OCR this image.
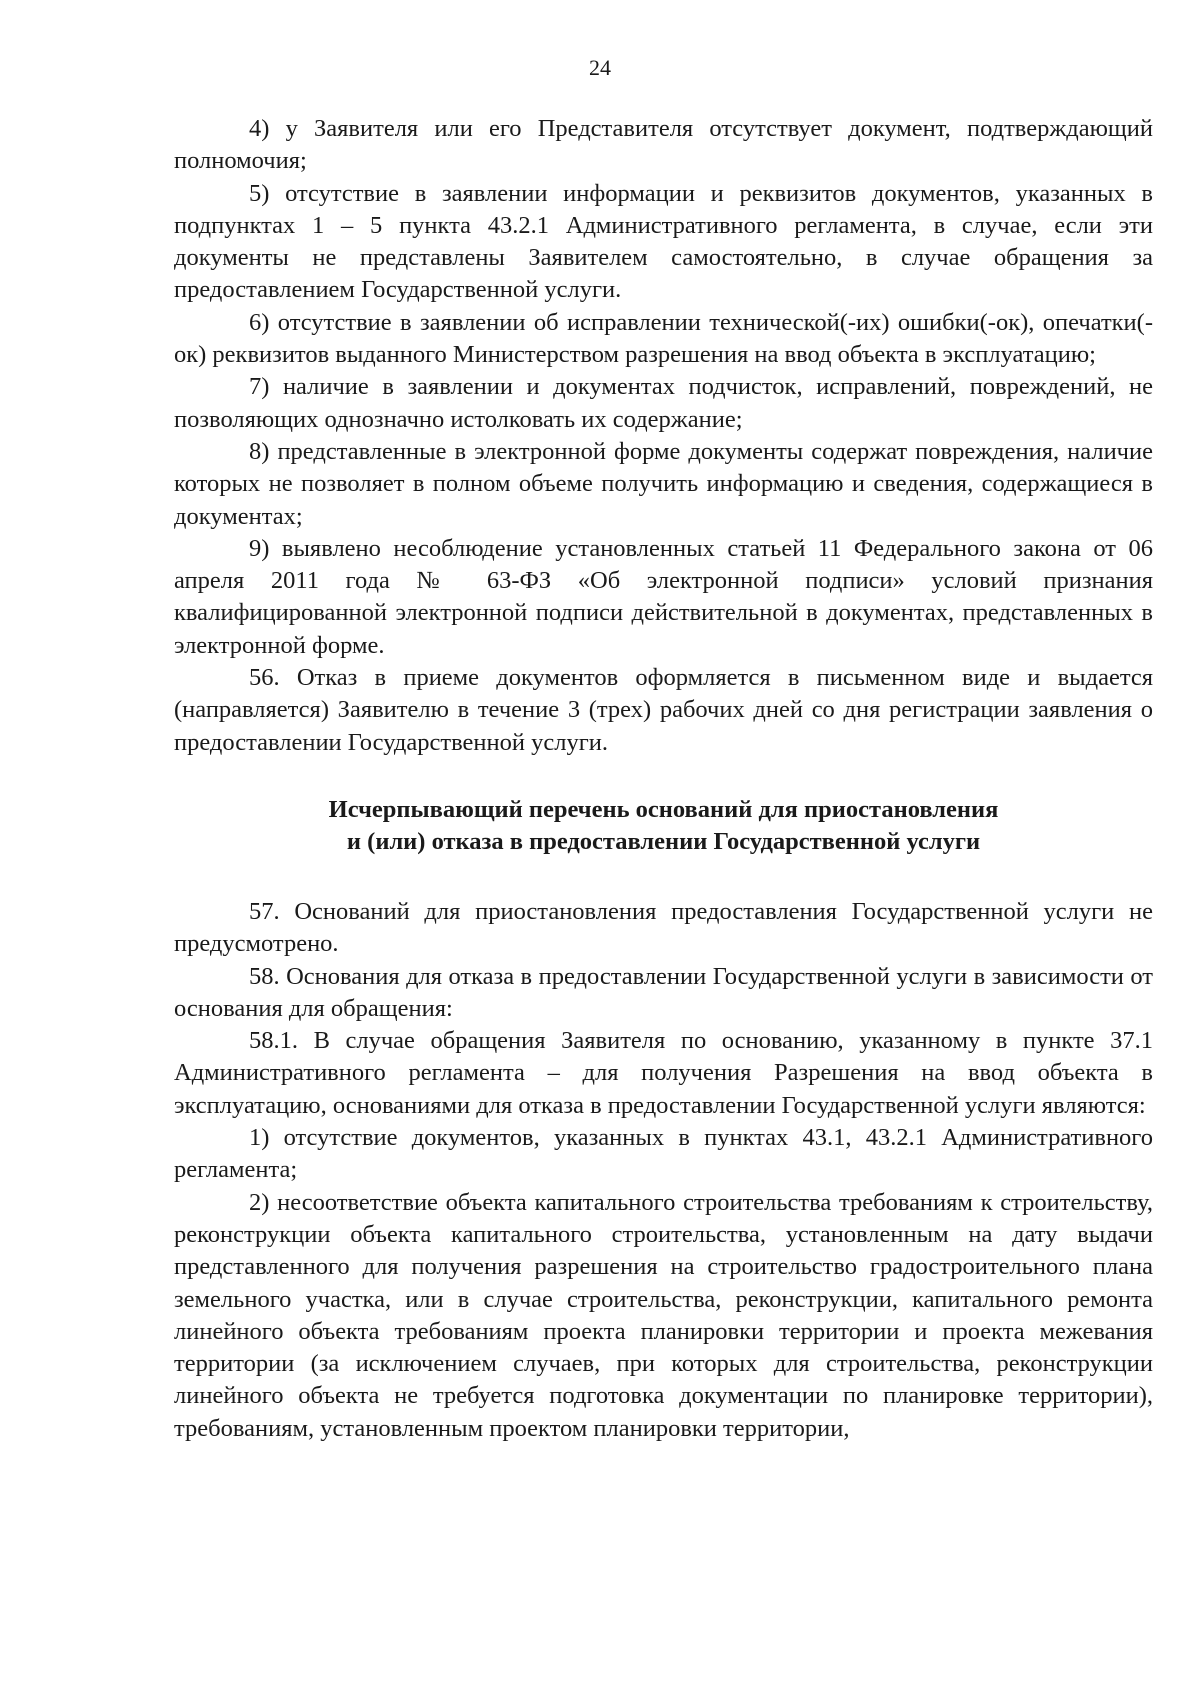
24

4) у Заявителя или его Представителя отсутствует документ, подтверждающий полномочия;

5) отсутствие в заявлении информации и реквизитов документов, указанных в подпунктах 1 – 5 пункта 43.2.1 Административного регламента, в случае, если эти документы не представлены Заявителем самостоятельно, в случае обращения за предоставлением Государственной услуги.

6) отсутствие в заявлении об исправлении технической(-их) ошибки(-ок), опечатки(-ок) реквизитов выданного Министерством разрешения на ввод объекта в эксплуатацию;

7) наличие в заявлении и документах подчисток, исправлений, повреждений, не позволяющих однозначно истолковать их содержание;

8) представленные в электронной форме документы содержат повреждения, наличие которых не позволяет в полном объеме получить информацию и сведения, содержащиеся в документах;

9) выявлено несоблюдение установленных статьей 11 Федерального закона от 06 апреля 2011 года № 63-ФЗ «Об электронной подписи» условий признания квалифицированной электронной подписи действительной в документах, представленных в электронной форме.

56. Отказ в приеме документов оформляется в письменном виде и выдается (направляется) Заявителю в течение 3 (трех) рабочих дней со дня регистрации заявления о предоставлении Государственной услуги.

Исчерпывающий перечень оснований для приостановления
и (или) отказа в предоставлении Государственной услуги

57. Оснований для приостановления предоставления Государственной услуги не предусмотрено.

58. Основания для отказа в предоставлении Государственной услуги в зависимости от основания для обращения:

58.1. В случае обращения Заявителя по основанию, указанному в пункте 37.1 Административного регламента – для получения Разрешения на ввод объекта в эксплуатацию, основаниями для отказа в предоставлении Государственной услуги являются:

1) отсутствие документов, указанных в пунктах 43.1, 43.2.1 Административного регламента;

2) несоответствие объекта капитального строительства требованиям к строительству, реконструкции объекта капитального строительства, установленным на дату выдачи представленного для получения разрешения на строительство градостроительного плана земельного участка, или в случае строительства, реконструкции, капитального ремонта линейного объекта требованиям проекта планировки территории и проекта межевания территории (за исключением случаев, при которых для строительства, реконструкции линейного объекта не требуется подготовка документации по планировке территории), требованиям, установленным проектом планировки территории,
